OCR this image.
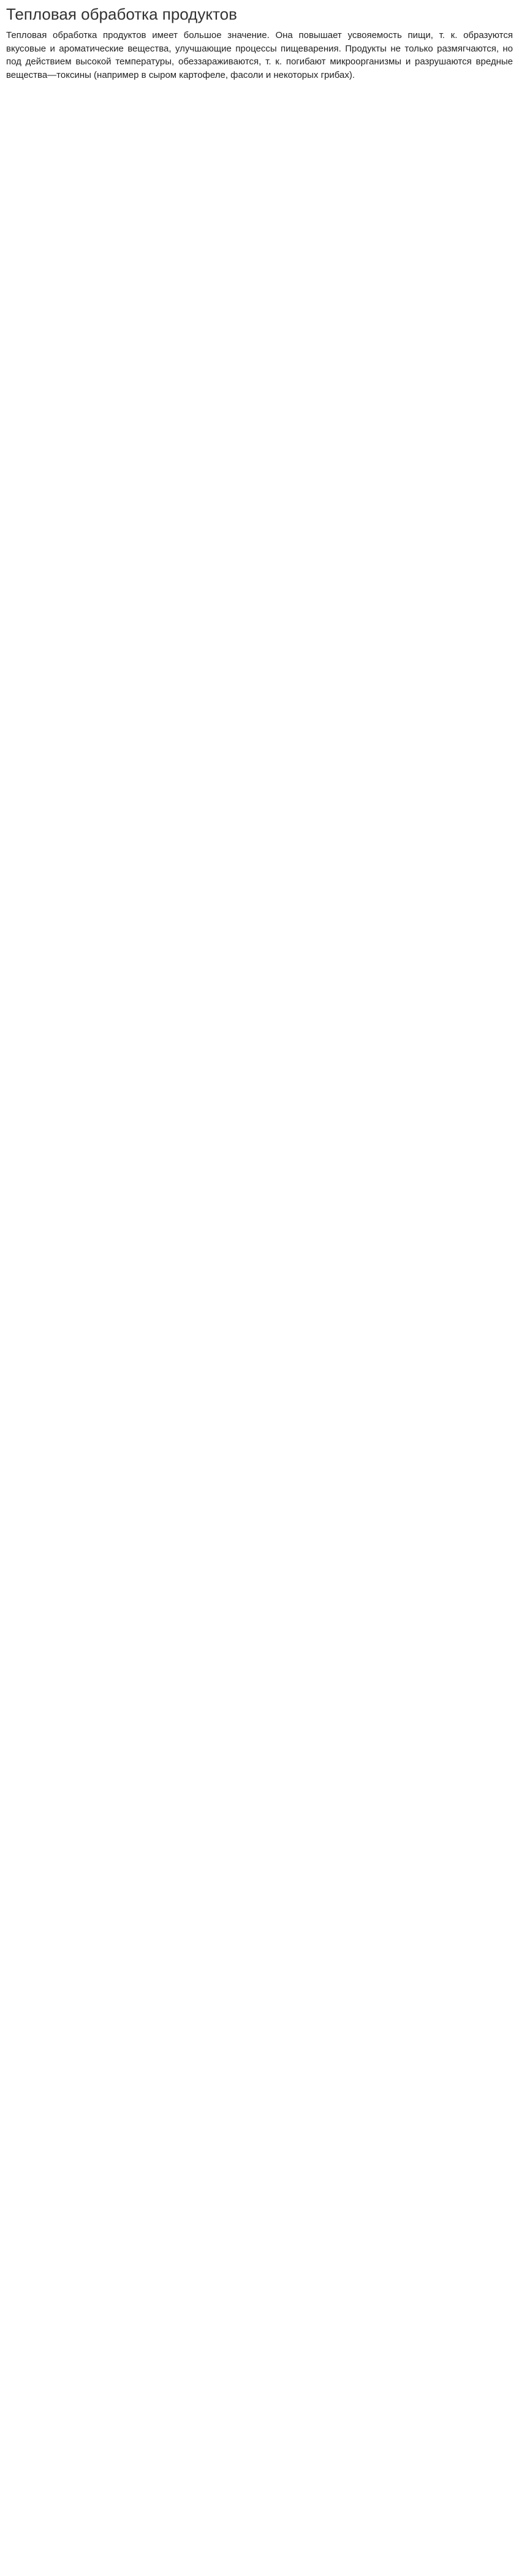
Тепловая обработка продуктов

Тепловая обработка продуктов имеет большое значение. Она повышает усвояемость пищи, т. к. образуются вкусовые и ароматические вещества, улучшающие процессы пищеварения. Продукты не только размягчаются, но под действием высокой температуры, обеззараживаются, т. к. погибают микроорганизмы и разрушаются вредные вещества—токсины (например в сыром картофеле, фасоли и некоторых грибах).
